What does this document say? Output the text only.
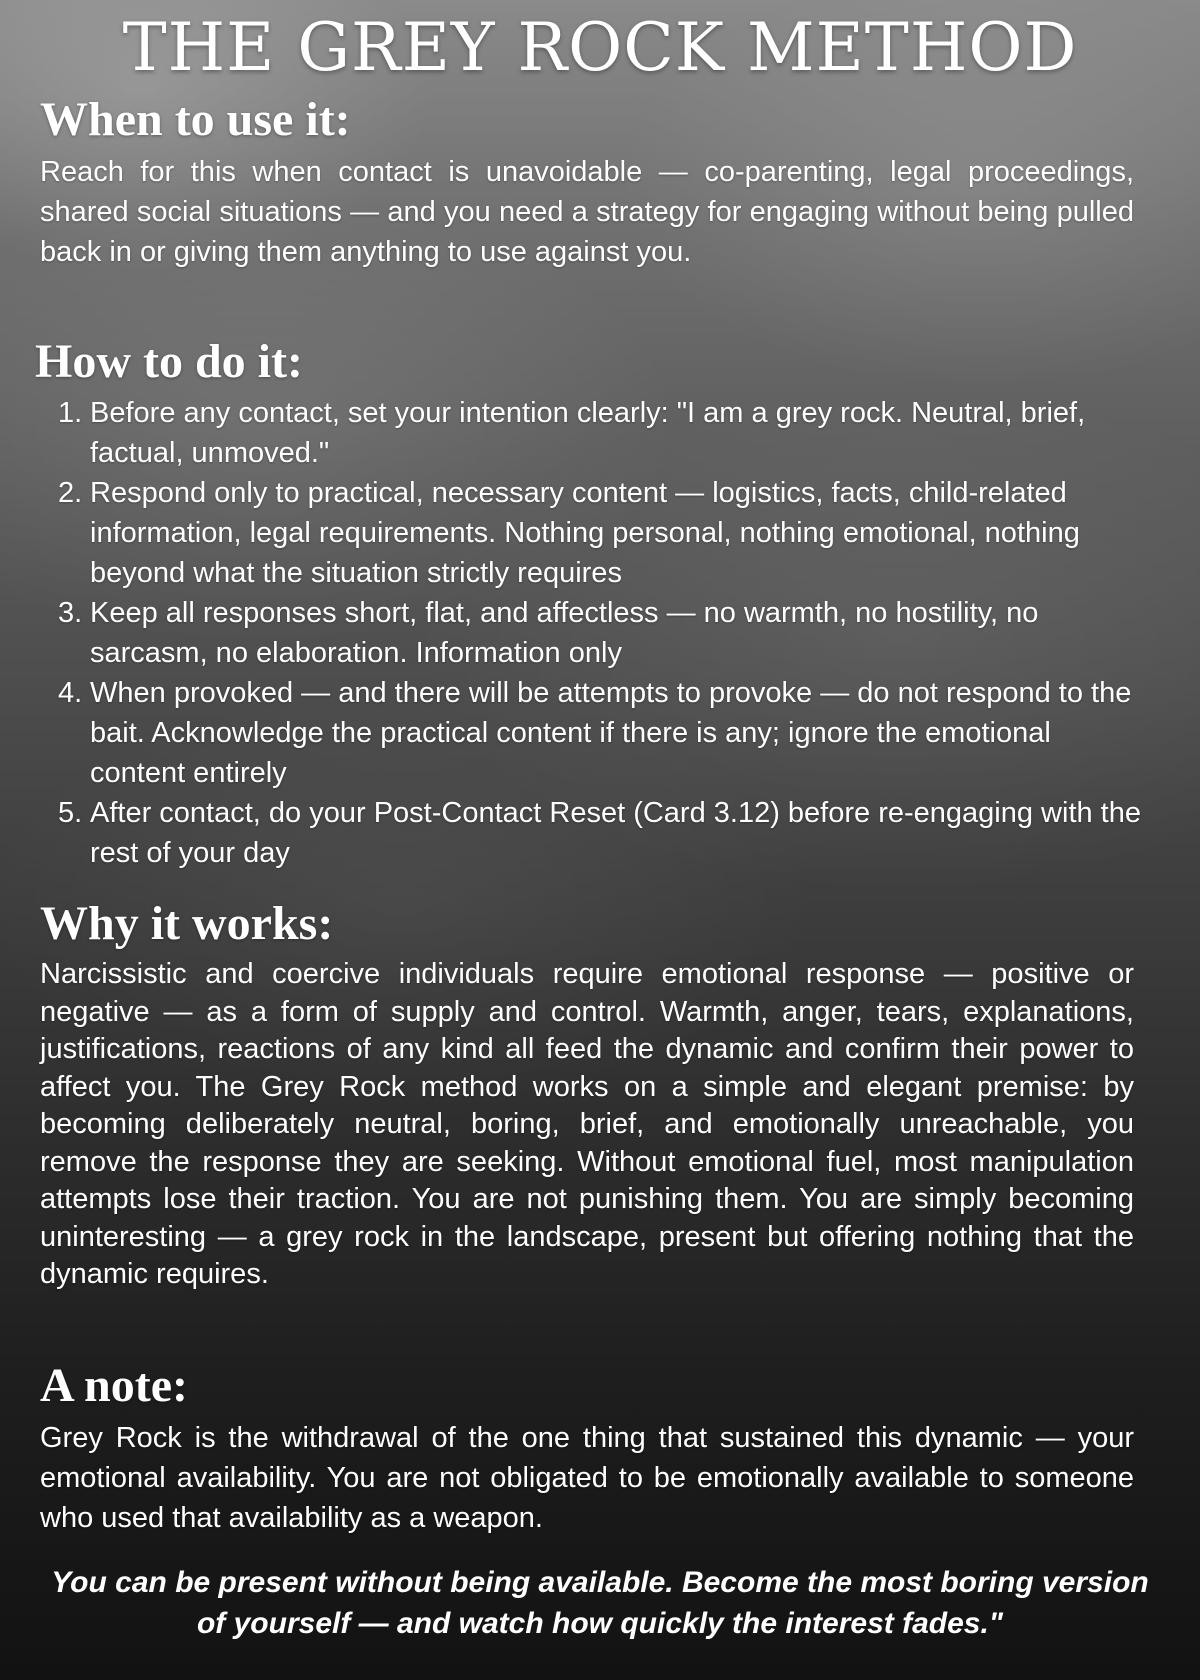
THE GREY ROCK METHOD
When to use it:

Reach for this when contact is unavoidable — co-parenting, legal proceedings, shared social situations — and you need a strategy for engaging without being pulled back in or giving them anything to use against you.

How to do it:
1. Before any contact, set your intention clearly: "I am a grey rock. Neutral, brief, factual, unmoved."
2. Respond only to practical, necessary content — logistics, facts, child-related information, legal requirements. Nothing personal, nothing emotional, nothing beyond what the situation strictly requires
3. Keep all responses short, flat, and affectless — no warmth, no hostility, no sarcasm, no elaboration. Information only
4. When provoked — and there will be attempts to provoke — do not respond to the bait. Acknowledge the practical content if there is any; ignore the emotional content entirely
5. After contact, do your Post-Contact Reset (Card 3.12) before re-engaging with the rest of your day
Why it works:

Narcissistic and coercive individuals require emotional response — positive or negative — as a form of supply and control. Warmth, anger, tears, explanations, justifications, reactions of any kind all feed the dynamic and confirm their power to affect you. The Grey Rock method works on a simple and elegant premise: by becoming deliberately neutral, boring, brief, and emotionally unreachable, you remove the response they are seeking. Without emotional fuel, most manipulation attempts lose their traction. You are not punishing them. You are simply becoming uninteresting — a grey rock in the landscape, present but offering nothing that the dynamic requires.

A note:

Grey Rock is the withdrawal of the one thing that sustained this dynamic — your emotional availability. You are not obligated to be emotionally available to someone who used that availability as a weapon.

You can be present without being available. Become the most boring version of yourself — and watch how quickly the interest fades."
